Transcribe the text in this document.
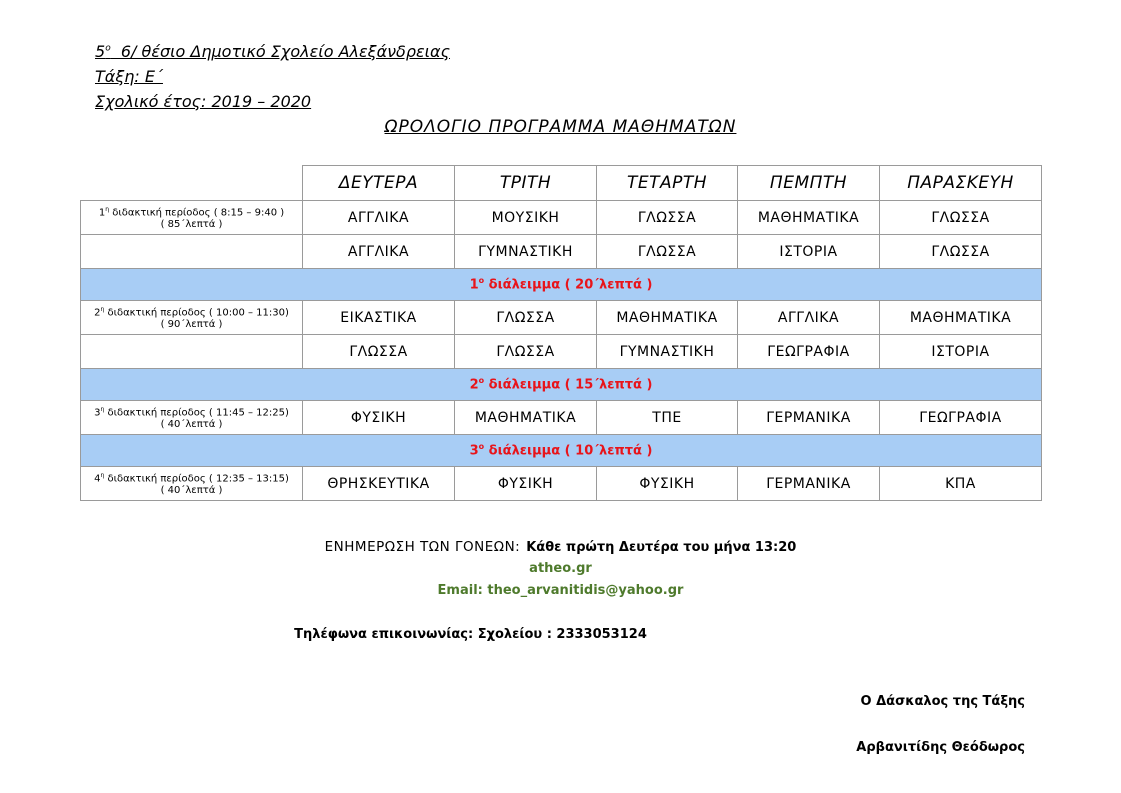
$5^o$  6/ θέσιο Δημοτικό Σχολείο Αλεξάνδρειας

Τάξη: Ε΄

Σχολικό έτος: 2019 – 2020

ΩΡΟΛΟΓΙΟ ΠΡΟΓΡΑΜΜΑ ΜΑΘΗΜΑΤΩΝ

	ΔΕΥΤΕΡΑ	ΤΡΙΤΗ	ΤΕΤΑΡΤΗ	ΠΕΜΠΤΗ	ΠΑΡΑΣΚΕΥΗ
$1^\eta$ διδακτική περίοδος ( 8:15 – 9:40 )
( 85΄λεπτά )	ΑΓΓΛΙΚΑ	ΜΟΥΣΙΚΗ	ΓΛΩΣΣΑ	ΜΑΘΗΜΑΤΙΚΑ	ΓΛΩΣΣΑ
	ΑΓΓΛΙΚΑ	ΓΥΜΝΑΣΤΙΚΗ	ΓΛΩΣΣΑ	ΙΣΤΟΡΙΑ	ΓΛΩΣΣΑ
$1^o$ διάλειμμα ( 20΄λεπτά )					
$2^\eta$ διδακτική περίοδος ( 10:00 – 11:30)
( 90΄λεπτά )	ΕΙΚΑΣΤΙΚΑ	ΓΛΩΣΣΑ	ΜΑΘΗΜΑΤΙΚΑ	ΑΓΓΛΙΚΑ	ΜΑΘΗΜΑΤΙΚΑ
	ΓΛΩΣΣΑ	ΓΛΩΣΣΑ	ΓΥΜΝΑΣΤΙΚΗ	ΓΕΩΓΡΑΦΙΑ	ΙΣΤΟΡΙΑ
$2^o$ διάλειμμα ( 15΄λεπτά )					
$3^\eta$ διδακτική περίοδος ( 11:45 – 12:25)
( 40΄λεπτά )	ΦΥΣΙΚΗ	ΜΑΘΗΜΑΤΙΚΑ	ΤΠΕ	ΓΕΡΜΑΝΙΚΑ	ΓΕΩΓΡΑΦΙΑ
$3^o$ διάλειμμα ( 10΄λεπτά )					
$4^\eta$ διδακτική περίοδος ( 12:35 – 13:15)
( 40΄λεπτά )	ΘΡΗΣΚΕΥΤΙΚΑ	ΦΥΣΙΚΗ	ΦΥΣΙΚΗ	ΓΕΡΜΑΝΙΚΑ	ΚΠΑ

ΕΝΗΜΕΡΩΣΗ ΤΩΝ ΓΟΝΕΩΝ: Κάθε πρώτη Δευτέρα του μήνα 13:20

atheo.gr

Email: theo_arvanitidis@yahoo.gr

Τηλέφωνα επικοινωνίας: Σχολείου : 2333053124

Ο Δάσκαλος της Τάξης

Αρβανιτίδης Θεόδωρος
